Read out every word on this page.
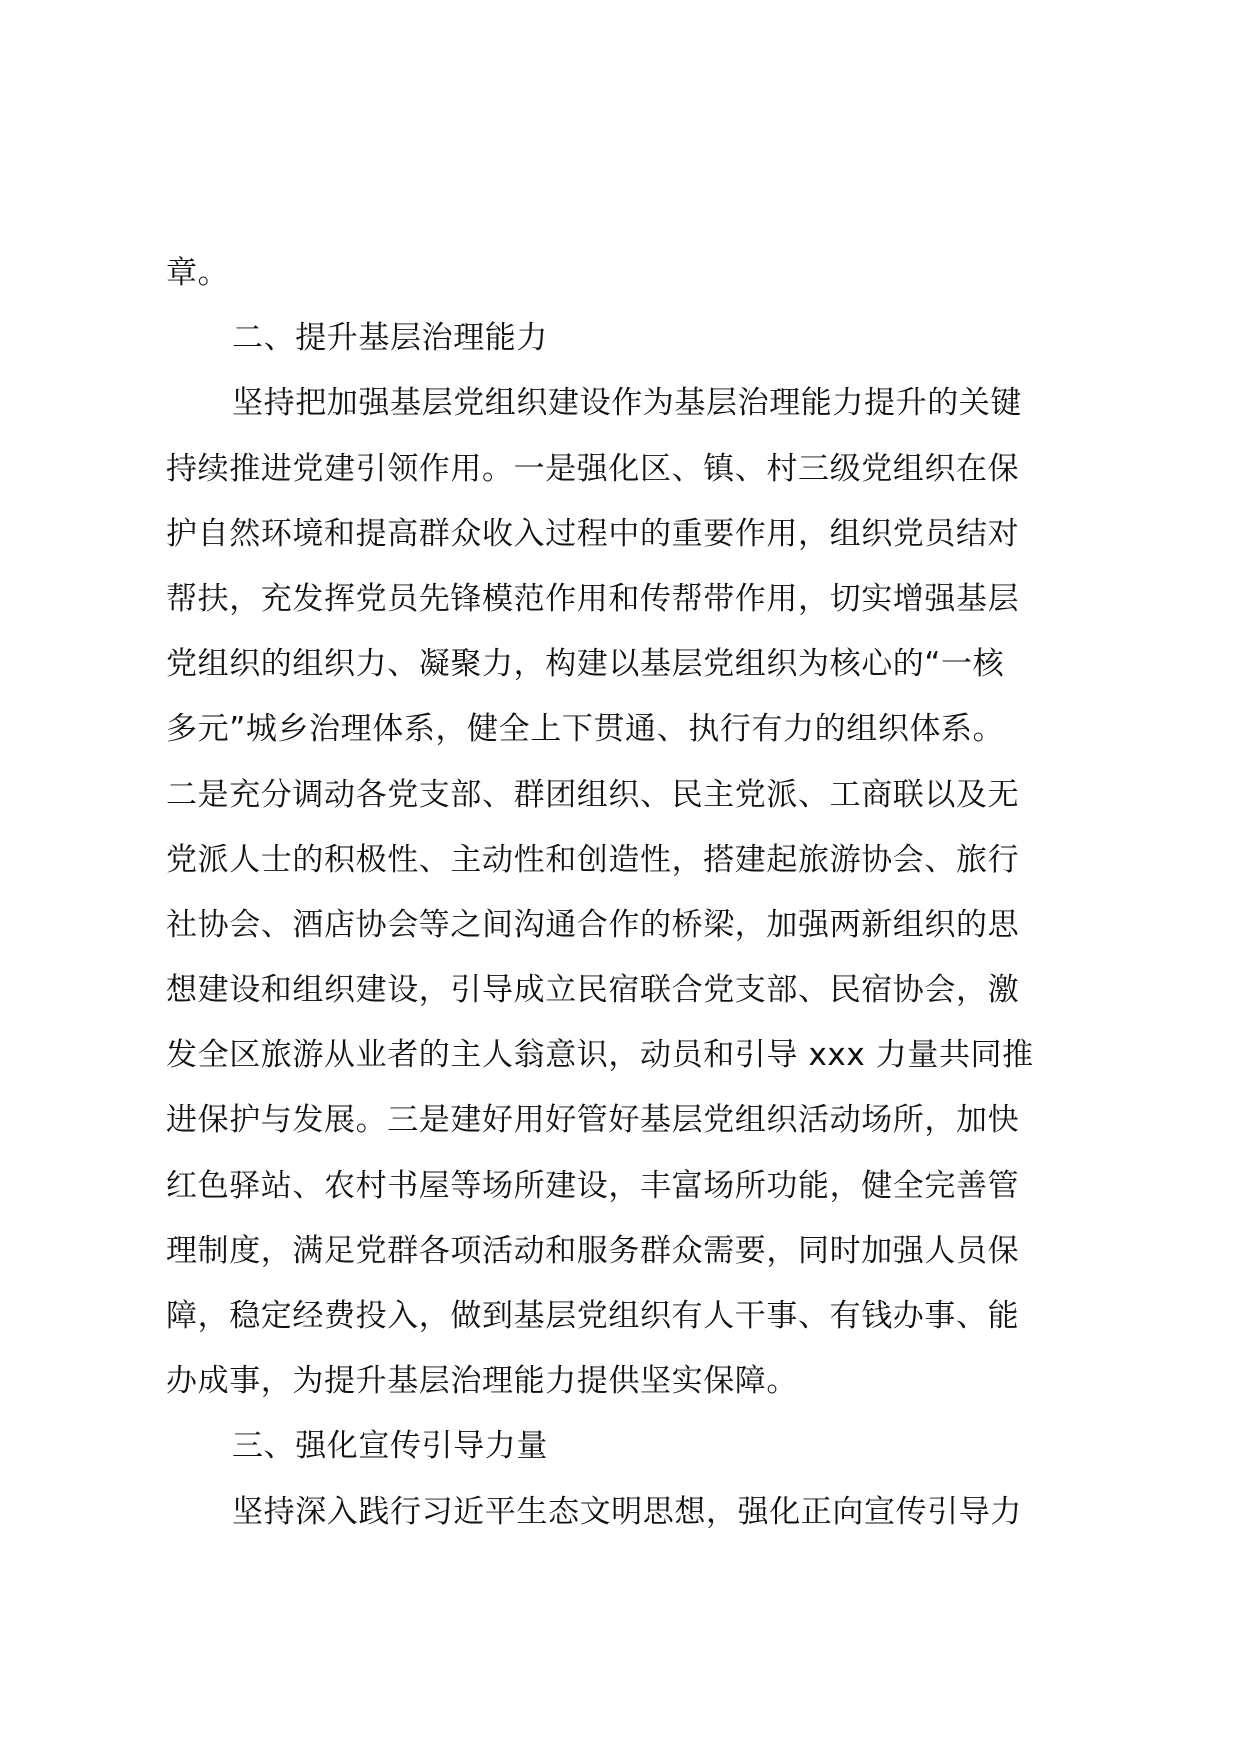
章。
二、提升基层治理能力
坚持把加强基层党组织建设作为基层治理能力提升的关键
持续推进党建引领作用。一是强化区、镇、村三级党组织在保
护自然环境和提高群众收入过程中的重要作用，组织党员结对
帮扶，充发挥党员先锋模范作用和传帮带作用，切实增强基层
党组织的组织力、凝聚力，构建以基层党组织为核心的“一核
多元”城乡治理体系，健全上下贯通、执行有力的组织体系。
二是充分调动各党支部、群团组织、民主党派、工商联以及无
党派人士的积极性、主动性和创造性，搭建起旅游协会、旅行
社协会、酒店协会等之间沟通合作的桥梁，加强两新组织的思
想建设和组织建设，引导成立民宿联合党支部、民宿协会，激
发全区旅游从业者的主人翁意识，动员和引导 xxx 力量共同推
进保护与发展。三是建好用好管好基层党组织活动场所，加快
红色驿站、农村书屋等场所建设，丰富场所功能，健全完善管
理制度，满足党群各项活动和服务群众需要，同时加强人员保
障，稳定经费投入，做到基层党组织有人干事、有钱办事、能
办成事，为提升基层治理能力提供坚实保障。
三、强化宣传引导力量
坚持深入践行习近平生态文明思想，强化正向宣传引导力
